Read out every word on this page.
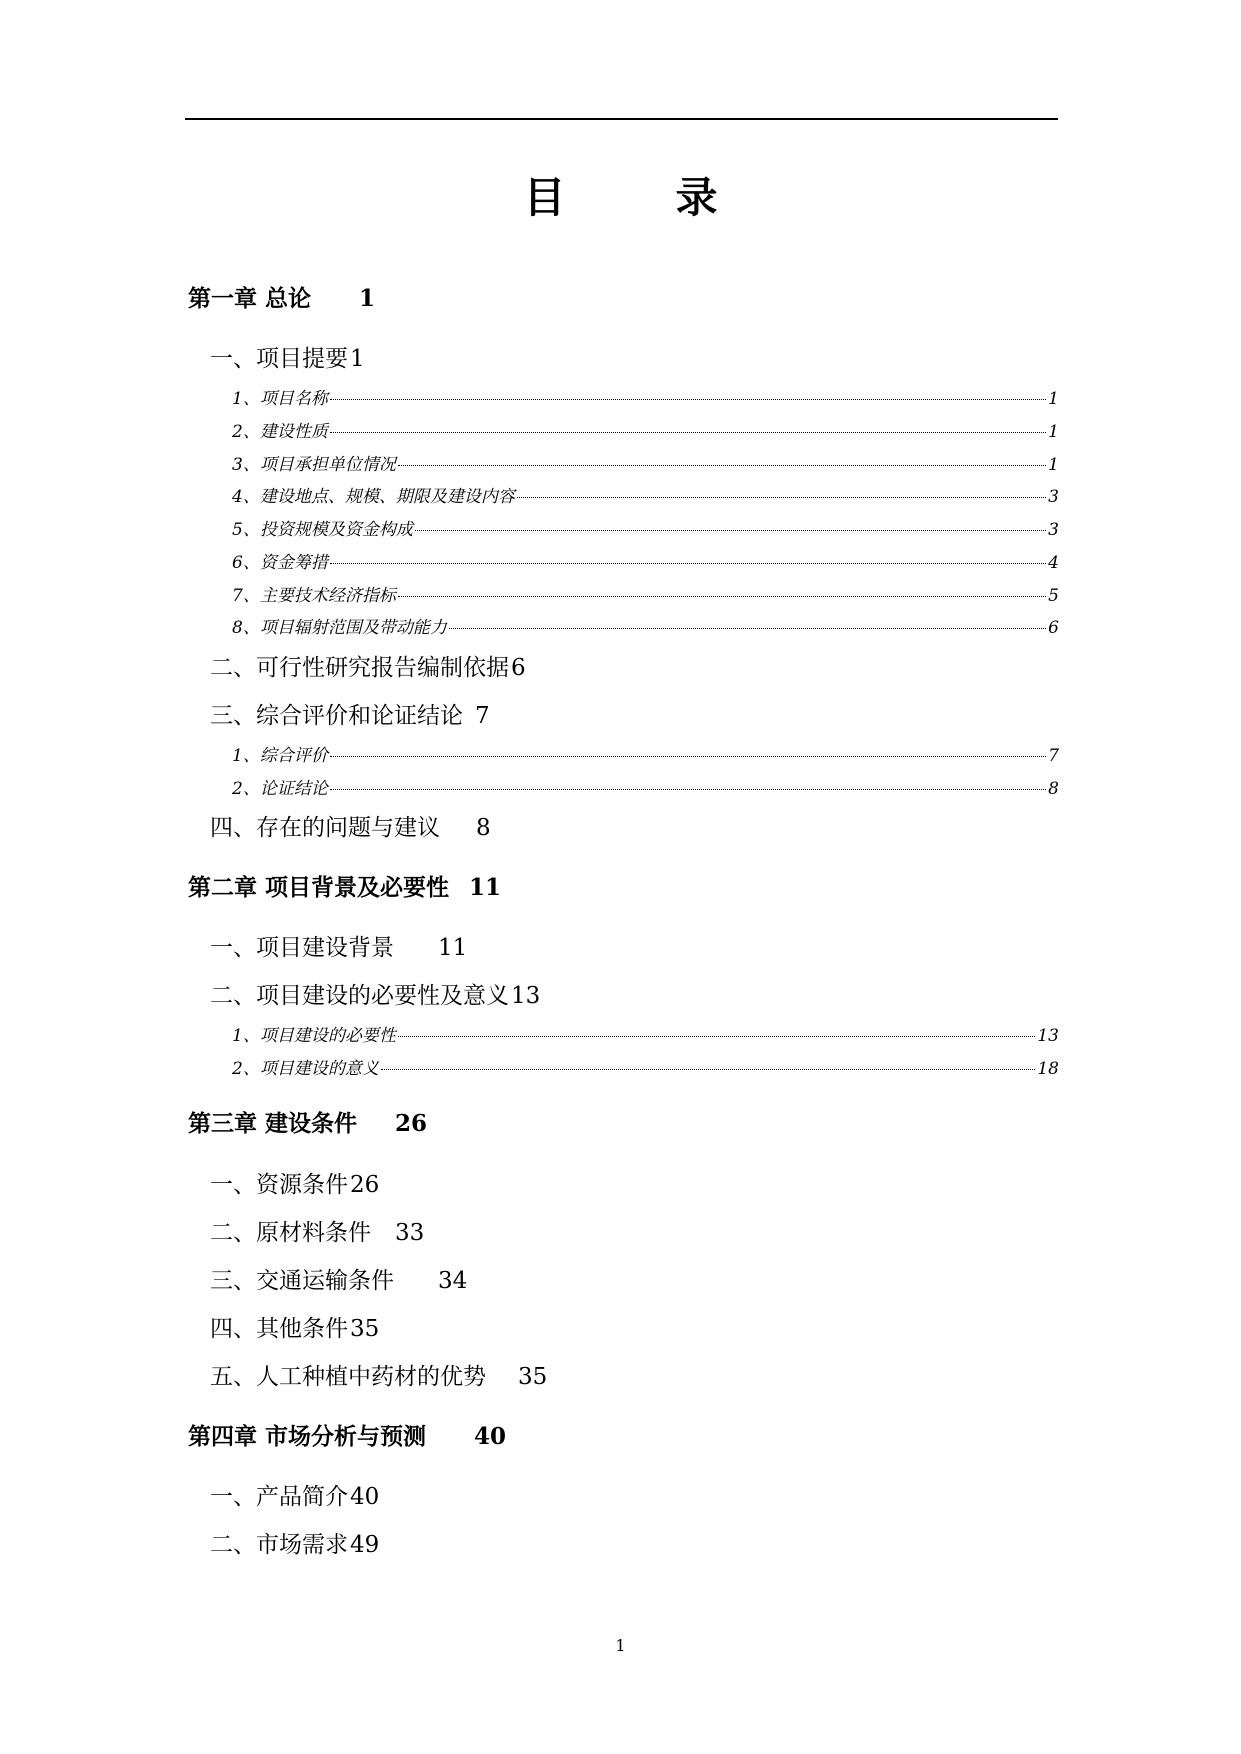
目	录
第一章 总论 1
一、项目提要1
1、项目名称	1
2、建设性质	1
3、项目承担单位情况	1
4、建设地点、规模、期限及建设内容	3
5、投资规模及资金构成	3
6、资金筹措	4
7、主要技术经济指标	5
8、项目辐射范围及带动能力	6
二、可行性研究报告编制依据6
三、综合评价和论证结论 7
1、综合评价	7
2、论证结论	8
四、存在的问题与建议 8
第二章 项目背景及必要性 11
一、项目建设背景 11
二、项目建设的必要性及意义13
1、项目建设的必要性	13
2、项目建设的意义	18
第三章 建设条件 26
一、资源条件26
二、原材料条件 33
三、交通运输条件 34
四、其他条件35
五、人工种植中药材的优势 35
第四章 市场分析与预测 40
一、产品简介40
二、市场需求49
1
